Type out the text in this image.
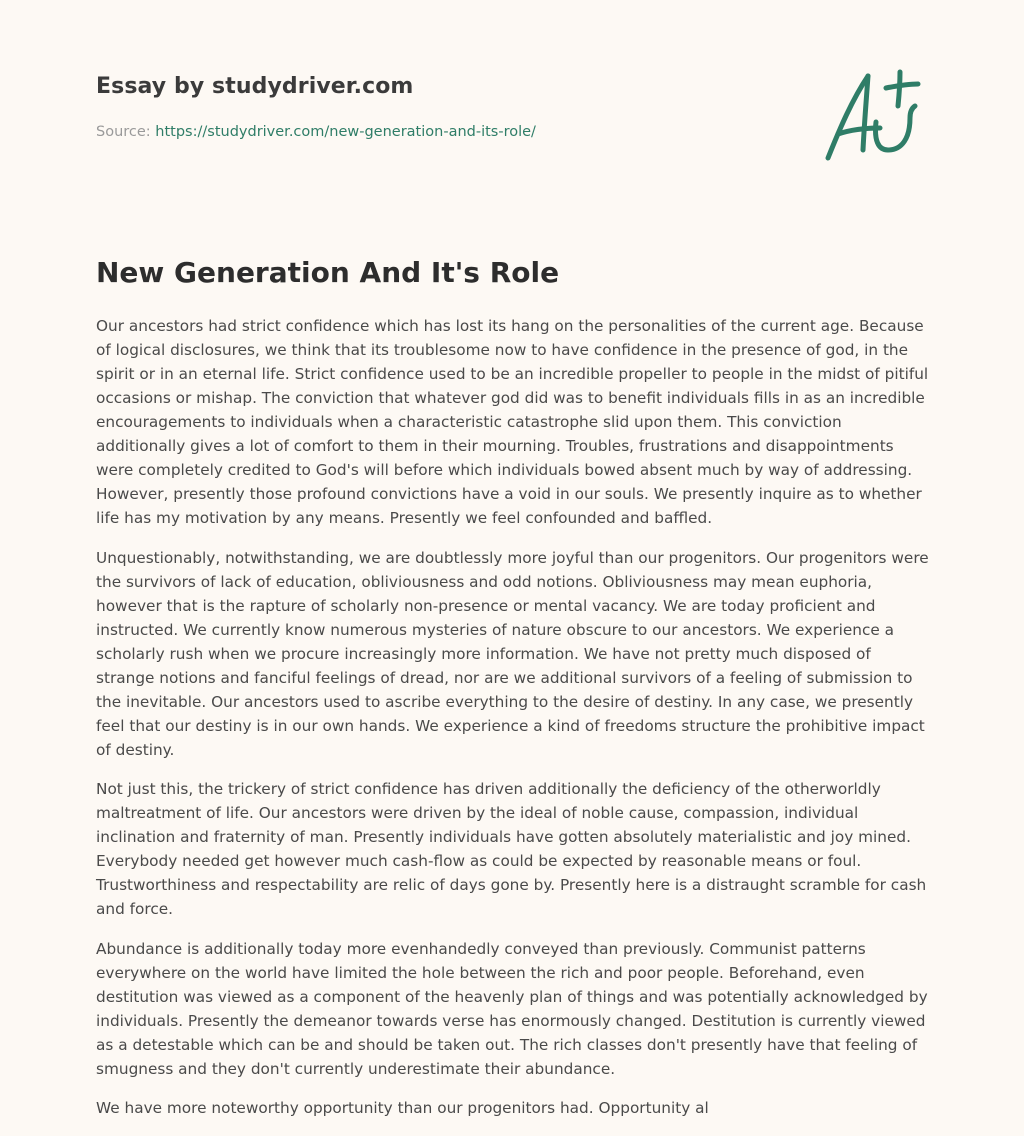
Essay by studydriver.com
Source: https://studydriver.com/new-generation-and-its-role/
New Generation And It's Role

Our ancestors had strict confidence which has lost its hang on the personalities of the current age. Because of logical disclosures, we think that its troublesome now to have confidence in the presence of god, in the spirit or in an eternal life. Strict confidence used to be an incredible propeller to people in the midst of pitiful occasions or mishap. The conviction that whatever god did was to benefit individuals fills in as an incredible encouragements to individuals when a characteristic catastrophe slid upon them. This conviction additionally gives a lot of comfort to them in their mourning. Troubles, frustrations and disappointments were completely credited to God's will before which individuals bowed absent much by way of addressing. However, presently those profound convictions have a void in our souls. We presently inquire as to whether life has my motivation by any means. Presently we feel confounded and baffled.

Unquestionably, notwithstanding, we are doubtlessly more joyful than our progenitors. Our progenitors were the survivors of lack of education, obliviousness and odd notions. Obliviousness may mean euphoria, however that is the rapture of scholarly non-presence or mental vacancy. We are today proficient and instructed. We currently know numerous mysteries of nature obscure to our ancestors. We experience a scholarly rush when we procure increasingly more information. We have not pretty much disposed of strange notions and fanciful feelings of dread, nor are we additional survivors of a feeling of submission to the inevitable. Our ancestors used to ascribe everything to the desire of destiny. In any case, we presently feel that our destiny is in our own hands. We experience a kind of freedoms structure the prohibitive impact of destiny.

Not just this, the trickery of strict confidence has driven additionally the deficiency of the otherworldly maltreatment of life. Our ancestors were driven by the ideal of noble cause, compassion, individual inclination and fraternity of man. Presently individuals have gotten absolutely materialistic and joy mined. Everybody needed get however much cash-flow as could be expected by reasonable means or foul. Trustworthiness and respectability are relic of days gone by. Presently here is a distraught scramble for cash and force.

Abundance is additionally today more evenhandedly conveyed than previously. Communist patterns everywhere on the world have limited the hole between the rich and poor people. Beforehand, even destitution was viewed as a component of the heavenly plan of things and was potentially acknowledged by individuals. Presently the demeanor towards verse has enormously changed. Destitution is currently viewed as a detestable which can be and should be taken out. The rich classes don't presently have that feeling of smugness and they don't currently underestimate their abundance.

We have more noteworthy opportunity than our progenitors had. Opportunity al
